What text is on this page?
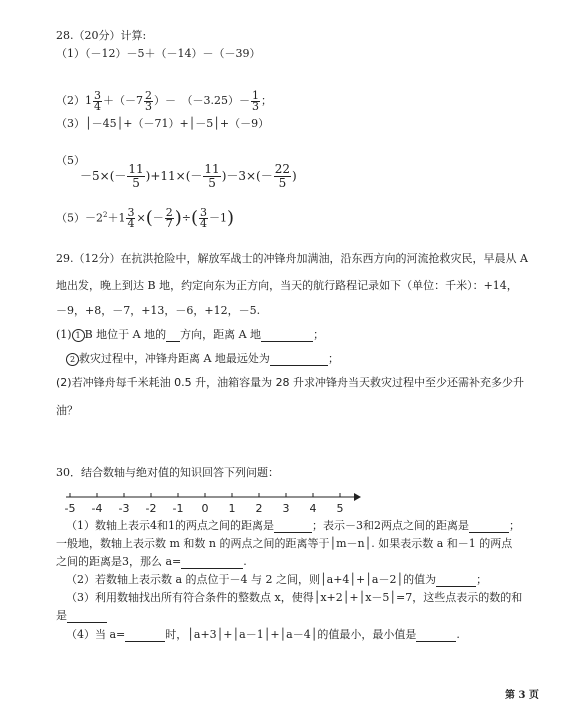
28.（20分）计算:
（1）（－12）－5＋（－14）－（－39）
$(2)1 \frac{3}{4} +(-7 \frac{2}{3}$ ）－　$(-3.25)- \frac{1}{3}$ ；
（3）│－45│+（－71）+│－5│+（－9）
（5）
$-5\times(- \frac{11}{5} )+11\times(- \frac{11}{5} )-3\times(- \frac{22}{5}$ )
$(5)-2^2+1 \frac{3}{4}$ ×(－ $\frac{2}{7}$ )÷( $\frac{3}{4} -1$)
29.（12分）在抗洪抢险中，解放军战士的冲锋舟加满油，沿东西方向的河流抢救灾民，早晨从 A
地出发，晚上到达 B 地，约定向东为正方向，当天的航行路程记录如下（单位：千米）：+14，
－9，+8，－7，+13，－6，+12，－5.
(1) 1 B 地位于 A 地的 方向，距离 A 地	；
2 救灾过程中，冲锋舟距离 A 地最远处为	；
(2)若冲锋舟每千米耗油 0.5 升，油箱容量为 28 升求冲锋舟当天救灾过程中至少还需补充多少升
油？
30．结合数轴与绝对值的知识回答下列问题：
-5 -4 -3 -2 -1 0 1 2 3 4 5
（1）数轴上表示4和1的两点之间的距离是	；表示－3和2两点之间的距离是	；
一般地，数轴上表示数 m 和数 n 的两点之间的距离等于│m－n│. 如果表示数 a 和－1 的两点
之间的距离是3，那么 a=	.
（2）若数轴上表示数 a 的点位于－4 与 2 之间，则│a+4│+│a－2│的值为	；
（3）利用数轴找出所有符合条件的整数点 x，使得│x+2│+│x－5│=7，这些点表示的数的和
是
（4）当 a=	时，│a+3│+│a－1│+│a－4│的值最小，最小值是	.
第 3 页
